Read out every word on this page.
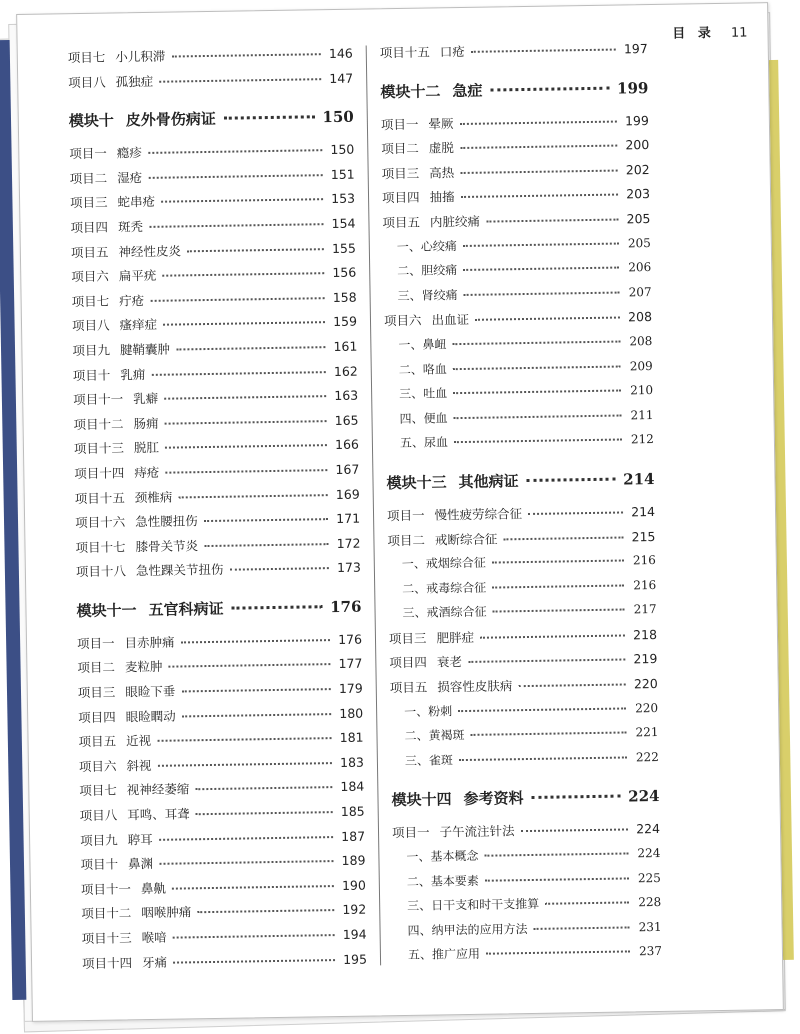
目 录 11
项目七 小儿积滞	146
项目八 孤独症	147
模块十 皮外骨伤病证	150
项目一 瘾疹	150
项目二 湿疮	151
项目三 蛇串疮	153
项目四 斑秃	154
项目五 神经性皮炎	155
项目六 扁平疣	156
项目七 疔疮	158
项目八 瘙痒症	159
项目九 腱鞘囊肿	161
项目十 乳痈	162
项目十一 乳癖	163
项目十二 肠痈	165
项目十三 脱肛	166
项目十四 痔疮	167
项目十五 颈椎病	169
项目十六 急性腰扭伤	171
项目十七 膝骨关节炎	172
项目十八 急性踝关节扭伤	173
模块十一 五官科病证	176
项目一 目赤肿痛	176
项目二 麦粒肿	177
项目三 眼睑下垂	179
项目四 眼睑瞤动	180
项目五 近视	181
项目六 斜视	183
项目七 视神经萎缩	184
项目八 耳鸣、耳聋	185
项目九 聤耳	187
项目十 鼻渊	189
项目十一 鼻鼽	190
项目十二 咽喉肿痛	192
项目十三 喉喑	194
项目十四 牙痛	195
项目十五 口疮	197
模块十二 急症	199
项目一 晕厥	199
项目二 虚脱	200
项目三 高热	202
项目四 抽搐	203
项目五 内脏绞痛	205
一、 心绞痛	205
二、 胆绞痛	206
三、 肾绞痛	207
项目六 出血证	208
一、 鼻衄	208
二、 咯血	209
三、 吐血	210
四、 便血	211
五、 尿血	212
模块十三 其他病证	214
项目一 慢性疲劳综合征	214
项目二 戒断综合征	215
一、 戒烟综合征	216
二、 戒毒综合征	216
三、 戒酒综合征	217
项目三 肥胖症	218
项目四 衰老	219
项目五 损容性皮肤病	220
一、 粉刺	220
二、 黄褐斑	221
三、 雀斑	222
模块十四 参考资料	224
项目一 子午流注针法	224
一、 基本概念	224
二、 基本要素	225
三、 日干支和时干支推算	228
四、 纳甲法的应用方法	231
五、 推广应用	237
